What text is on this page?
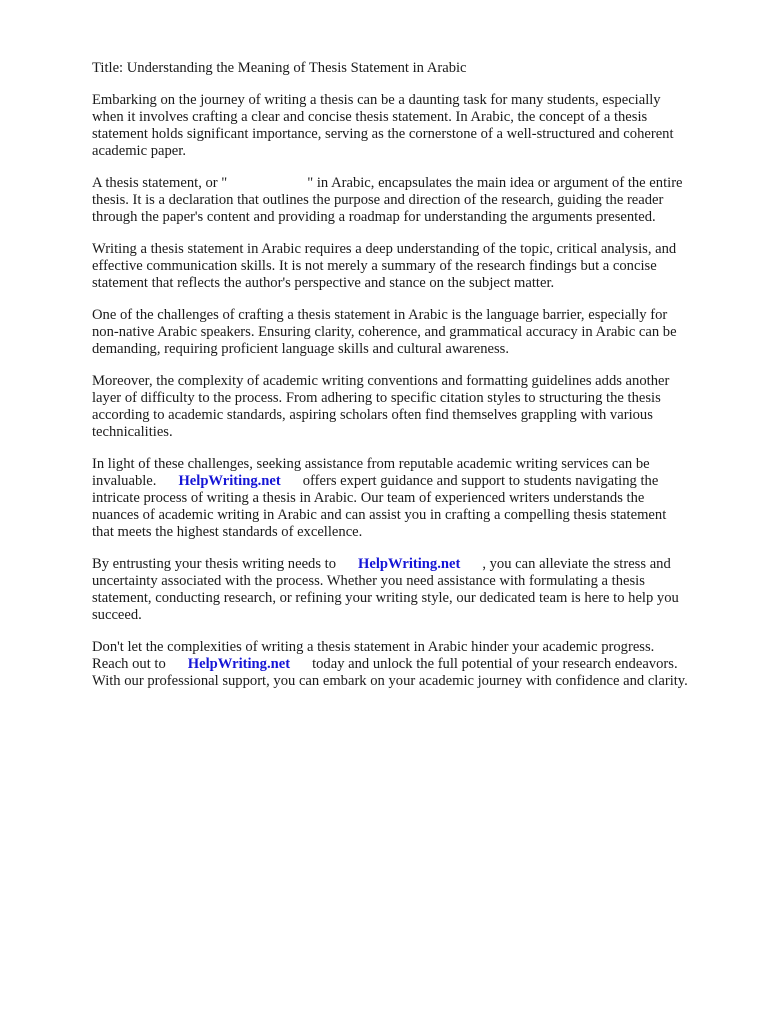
Title: Understanding the Meaning of Thesis Statement in Arabic
Embarking on the journey of writing a thesis can be a daunting task for many students, especially
when it involves crafting a clear and concise thesis statement. In Arabic, the concept of a thesis
statement holds significant importance, serving as the cornerstone of a well-structured and coherent
academic paper.
A thesis statement, or "	" in Arabic, encapsulates the main idea or argument of the entire
thesis. It is a declaration that outlines the purpose and direction of the research, guiding the reader
through the paper's content and providing a roadmap for understanding the arguments presented.
Writing a thesis statement in Arabic requires a deep understanding of the topic, critical analysis, and
effective communication skills. It is not merely a summary of the research findings but a concise
statement that reflects the author's perspective and stance on the subject matter.
One of the challenges of crafting a thesis statement in Arabic is the language barrier, especially for
non-native Arabic speakers. Ensuring clarity, coherence, and grammatical accuracy in Arabic can be
demanding, requiring proficient language skills and cultural awareness.
Moreover, the complexity of academic writing conventions and formatting guidelines adds another
layer of difficulty to the process. From adhering to specific citation styles to structuring the thesis
according to academic standards, aspiring scholars often find themselves grappling with various
technicalities.
In light of these challenges, seeking assistance from reputable academic writing services can be
invaluable. HelpWriting.net offers expert guidance and support to students navigating the
intricate process of writing a thesis in Arabic. Our team of experienced writers understands the
nuances of academic writing in Arabic and can assist you in crafting a compelling thesis statement
that meets the highest standards of excellence.
By entrusting your thesis writing needs to HelpWriting.net , you can alleviate the stress and
uncertainty associated with the process. Whether you need assistance with formulating a thesis
statement, conducting research, or refining your writing style, our dedicated team is here to help you
succeed.
Don't let the complexities of writing a thesis statement in Arabic hinder your academic progress.
Reach out to HelpWriting.net today and unlock the full potential of your research endeavors.
With our professional support, you can embark on your academic journey with confidence and clarity.
